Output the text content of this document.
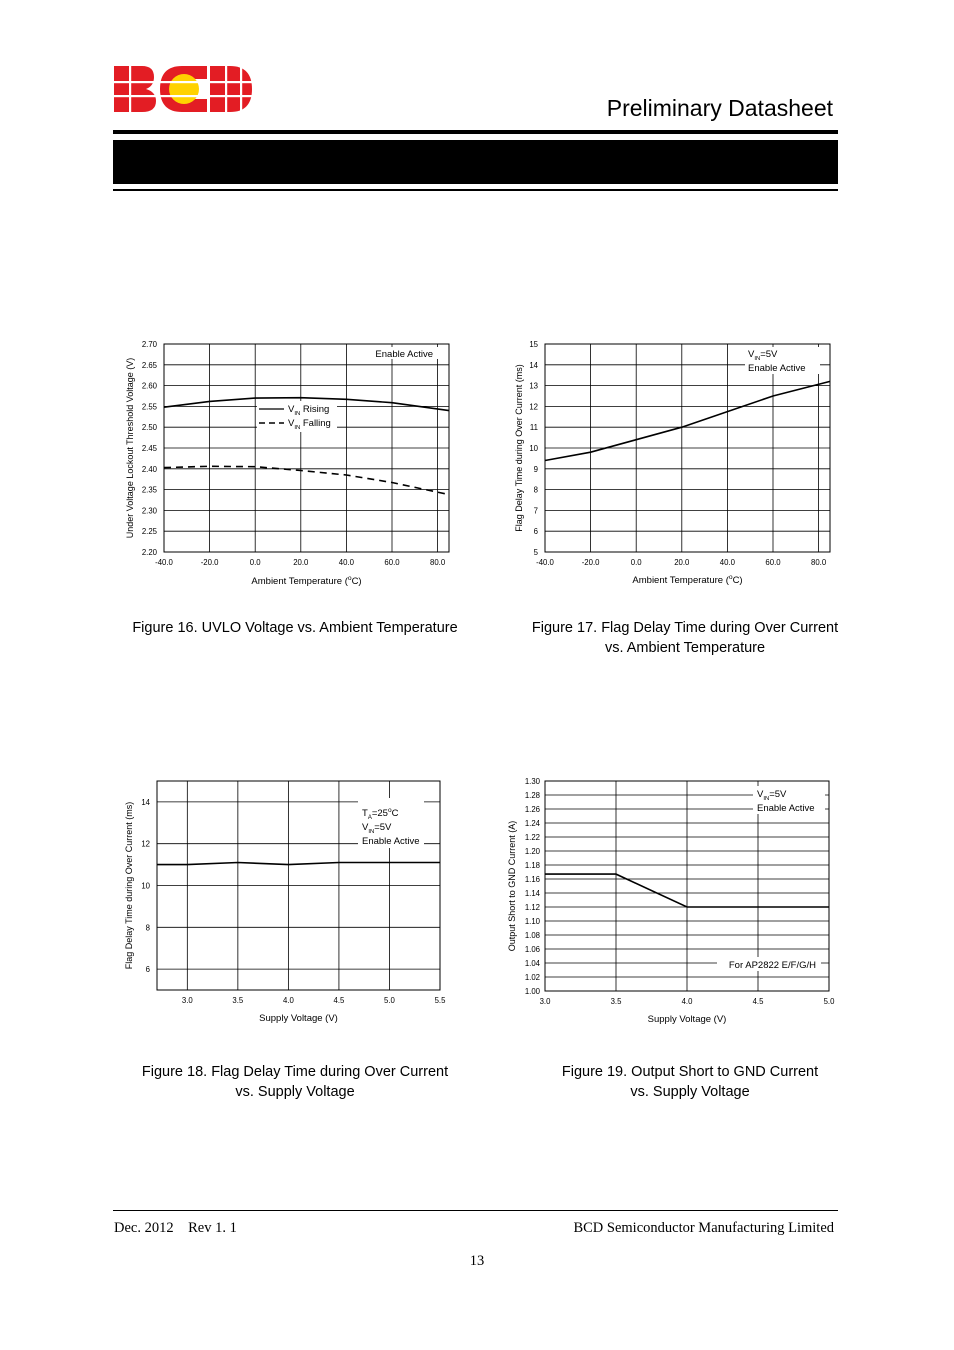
Preliminary Datasheet
-40.0	-20.0	0.0	20.0	40.0	60.0	80.0
2.20
2.25
2.30
2.35
2.40
2.45
2.50
2.55
2.60
2.65
2.70
Ambient Temperature ($^o$C)
Under Voltage Lockout Threshold Voltage (V)
Enable Active
$V_{IN}$ Rising
$V_{IN}$ Falling
Figure 16. UVLO Voltage vs. Ambient Temperature
-40.0	-20.0	0.0	20.0	40.0	60.0	80.0
5
6
7
8
9
10
11
12
13
14
15
Ambient Temperature ($^o$C)
Flag Delay Time during Over Current (ms)
$V_{IN}=5V$
Enable Active
Figure 17. Flag Delay Time during Over Current
vs. Ambient Temperature
3.0	3.5	4.0	4.5	5.0	5.5
6
8
10
12
14
Supply Voltage (V)
Flag Delay Time during Over Current (ms)	$T_A=25^oC$
$V_{IN}=5V$
Enable Active
Figure 18. Flag Delay Time during Over Current
vs. Supply Voltage
3.0	3.5	4.0	4.5	5.0
1.00
1.02
1.04
1.06
1.08
1.10
1.12
1.14
1.16
1.18
1.20
1.22
1.24
1.26
1.28
1.30
Supply Voltage (V)
Output Short to GND Current (A)
$V_{IN}=5V$
Enable Active
For AP2822 E/F/G/H
Figure 19. Output Short to GND Current
vs. Supply Voltage
Dec. 2012    Rev 1. 1	BCD Semiconductor Manufacturing Limited
13
